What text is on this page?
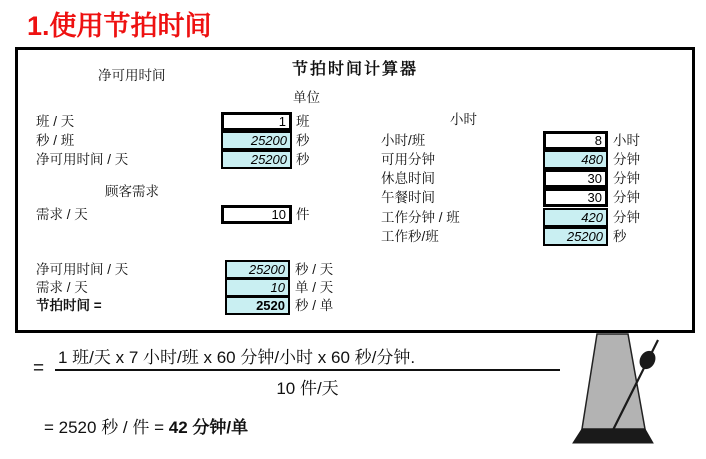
1.使用节拍时间
节拍时间计算器
净可用时间
单位
班 / 天	1 班
秒 / 班	25200 秒
净可用时间 / 天	25200 秒
顾客需求
需求 / 天	10 件
小时
小时/班	8 小时
可用分钟	480 分钟
休息时间	30 分钟
午餐时间	30 分钟
工作分钟 / 班	420 分钟
工作秒/班	25200 秒
净可用时间 / 天	25200 秒 / 天
需求 / 天	10 单 / 天
节拍时间 =	2520 秒 / 单
=
1 班/天 x 7 小时/班 x 60 分钟/小时 x 60 秒/分钟.
10 件/天
= 2520 秒 / 件 = 42 分钟/单
